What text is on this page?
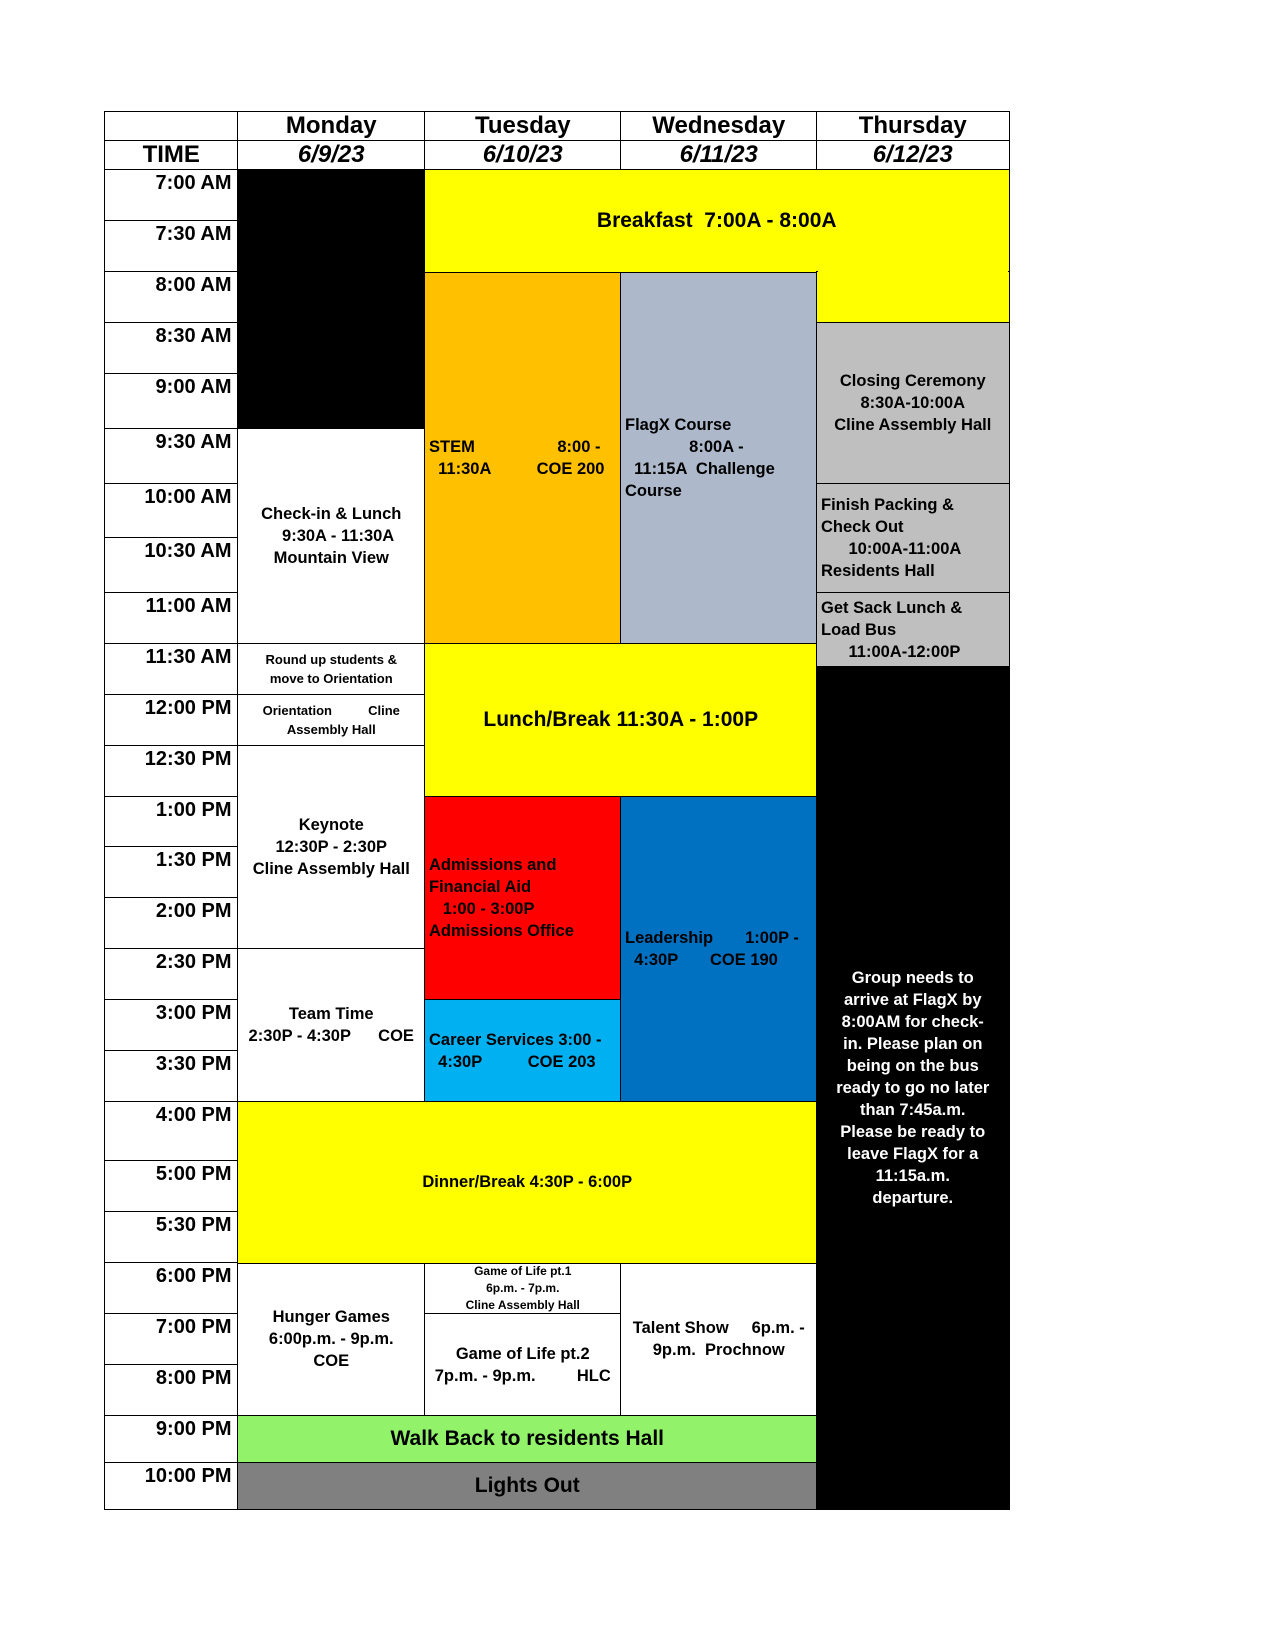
TIME
Monday
6/9/23
Tuesday
6/10/23
Wednesday
6/11/23
Thursday
6/12/23
7:00 AM
7:30 AM
8:00 AM
8:30 AM
9:00 AM
9:30 AM
10:00 AM
10:30 AM
11:00 AM
11:30 AM
12:00 PM
12:30 PM
1:00 PM
1:30 PM
2:00 PM
2:30 PM
3:00 PM
3:30 PM
4:00 PM
5:00 PM
5:30 PM
6:00 PM
7:00 PM
8:00 PM
9:00 PM
10:00 PM
Check-in & Lunch
9:30A - 11:30A
Mountain View
Round up students &
move to Orientation
Orientation          Cline
Assembly Hall
Keynote
12:30P - 2:30P
Cline Assembly Hall
Team Time
2:30P - 4:30P      COE
Hunger Games
6:00p.m. - 9p.m.
COE
STEM                  8:00 -
11:30A          COE 200
FlagX Course
8:00A -
11:15A  Challenge
Course
Lunch/Break 11:30A - 1:00P
Admissions and
Financial Aid
1:00 - 3:00P
Admissions Office
Career Services 3:00 -
4:30P          COE 203
Leadership       1:00P -
4:30P       COE 190
Game of Life pt.1
6p.m. - 7p.m.
Cline Assembly Hall
Game of Life pt.2
7p.m. - 9p.m.         HLC
Talent Show     6p.m. -
9p.m.  Prochnow
Breakfast  7:00A - 8:00A
Dinner/Break 4:30P - 6:00P
Walk Back to residents Hall
Lights Out
Closing Ceremony
8:30A-10:00A
Cline Assembly Hall
Finish Packing &
Check Out
10:00A-11:00A
Residents Hall
Get Sack Lunch &
Load Bus
11:00A-12:00P
Group needs to
arrive at FlagX by
8:00AM for check-
in. Please plan on
being on the bus
ready to go no later
than 7:45a.m.
Please be ready to
leave FlagX for a
11:15a.m.
departure.
